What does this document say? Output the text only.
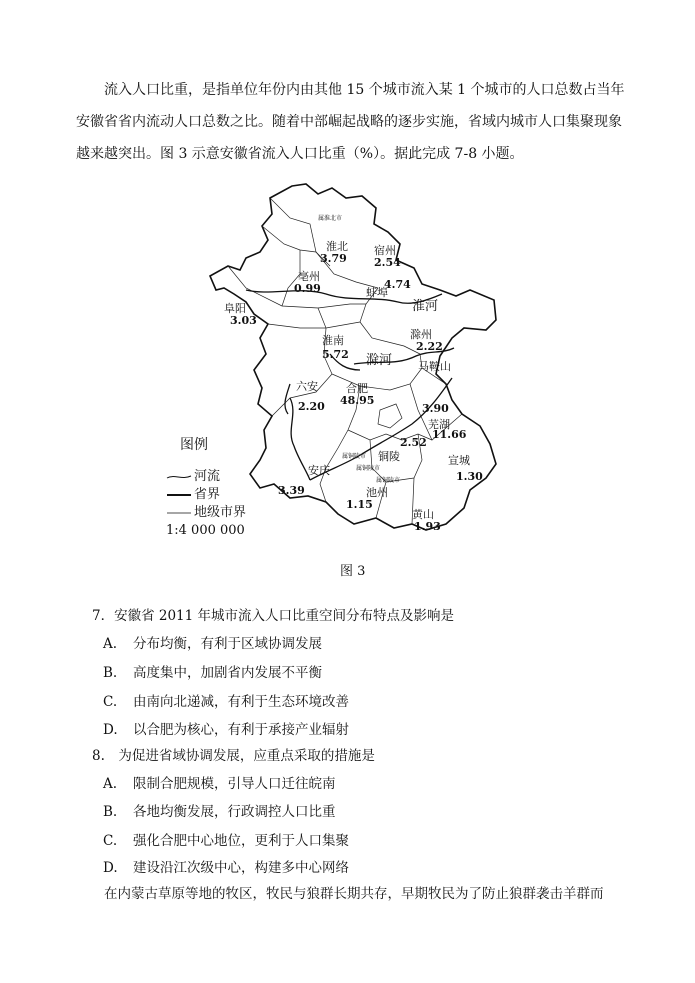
流入人口比重，是指单位年份内由其他 15 个城市流入某 1 个城市的人口总数占当年
安徽省省内流动人口总数之比。随着中部崛起战略的逐步实施，省域内城市人口集聚现象
越来越突出。图 3 示意安徽省流入人口比重（%）。据此完成 7-8 小题。
淮北
3.79
宿州
2.54
亳州
0.99	蚌埠
4.74
阜阳
3.03
淮南
5.72
滁州
2.22
六安
2.20
合肥
48.95
马鞍山
3.90
芜湖
11.66
铜陵
2.52
宣城
1.30
安庆
3.39	池州
1.15
黄山
1.93
淮河
滁河
属淮北市
属铜陵市
属铜陵市
属铜陵市
图例
河流
省界
地级市界
1:4 000 000
图 3
7．安徽省 2011 年城市流入人口比重空间分布特点及影响是
A. 分布均衡，有利于区域协调发展
B. 高度集中，加剧省内发展不平衡
C. 由南向北递减，有利于生态环境改善
D. 以合肥为核心，有利于承接产业辐射
8.　为促进省域协调发展，应重点采取的措施是
A. 限制合肥规模，引导人口迁往皖南
B. 各地均衡发展，行政调控人口比重
C. 强化合肥中心地位，更利于人口集聚
D. 建设沿江次级中心，构建多中心网络
在内蒙古草原等地的牧区，牧民与狼群长期共存，早期牧民为了防止狼群袭击羊群而
